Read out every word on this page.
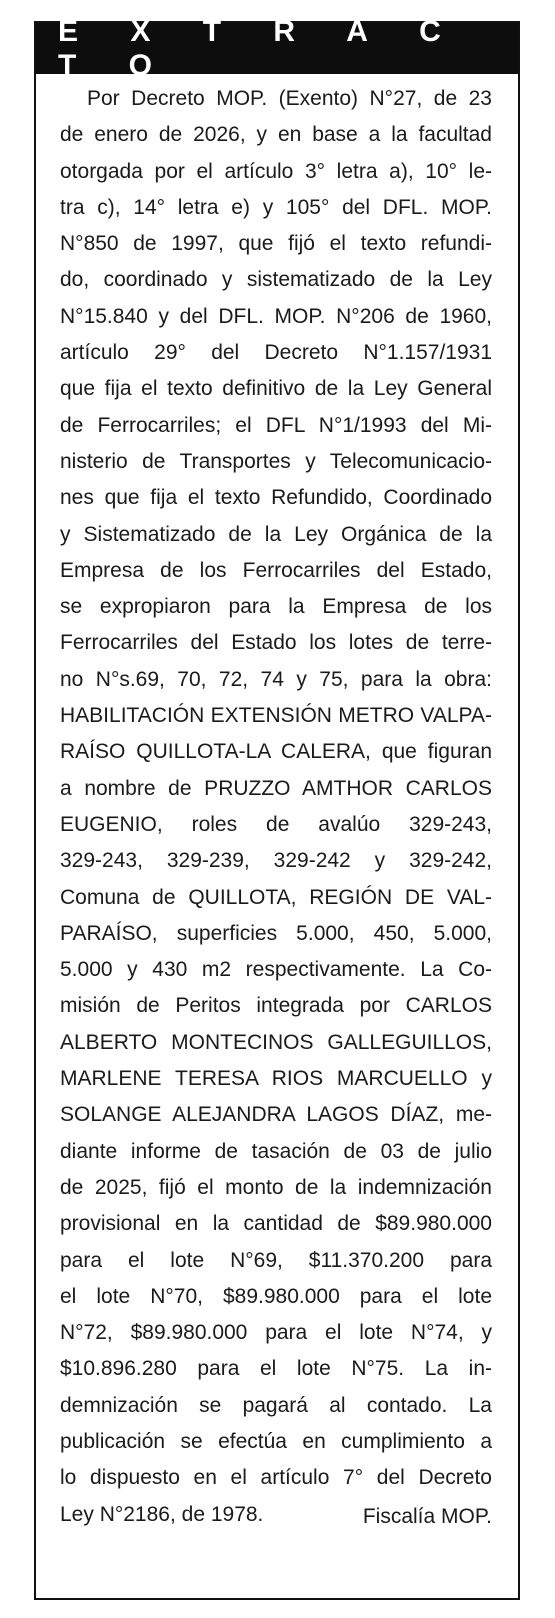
E X T R A C T O
Por Decreto MOP. (Exento) N°27, de 23
de enero de 2026, y en base a la facultad
otorgada por el artículo 3° letra a), 10° le-
tra c), 14° letra e) y 105° del DFL. MOP.
N°850 de 1997, que fijó el texto refundi-
do, coordinado y sistematizado de la Ley
N°15.840 y del DFL. MOP. N°206 de 1960,
artículo 29° del Decreto N°1.157/1931
que fija el texto definitivo de la Ley General
de Ferrocarriles; el DFL N°1/1993 del Mi-
nisterio de Transportes y Telecomunicacio-
nes que fija el texto Refundido, Coordinado
y Sistematizado de la Ley Orgánica de la
Empresa de los Ferrocarriles del Estado,
se expropiaron para la Empresa de los
Ferrocarriles del Estado los lotes de terre-
no N°s.69, 70, 72, 74 y 75, para la obra:
HABILITACIÓN EXTENSIÓN METRO VALPA-
RAÍSO QUILLOTA-LA CALERA, que figuran
a nombre de PRUZZO AMTHOR CARLOS
EUGENIO, roles de avalúo 329-243,
329-243, 329-239, 329-242 y 329-242,
Comuna de QUILLOTA, REGIÓN DE VAL-
PARAÍSO, superficies 5.000, 450, 5.000,
5.000 y 430 m2 respectivamente. La Co-
misión de Peritos integrada por CARLOS
ALBERTO MONTECINOS GALLEGUILLOS,
MARLENE TERESA RIOS MARCUELLO y
SOLANGE ALEJANDRA LAGOS DÍAZ, me-
diante informe de tasación de 03 de julio
de 2025, fijó el monto de la indemnización
provisional en la cantidad de $89.980.000
para el lote N°69, $11.370.200 para
el lote N°70, $89.980.000 para el lote
N°72, $89.980.000 para el lote N°74, y
$10.896.280 para el lote N°75. La in-
demnización se pagará al contado. La
publicación se efectúa en cumplimiento a
lo dispuesto en el artículo 7° del Decreto
Ley N°2186, de 1978.	Fiscalía MOP.
